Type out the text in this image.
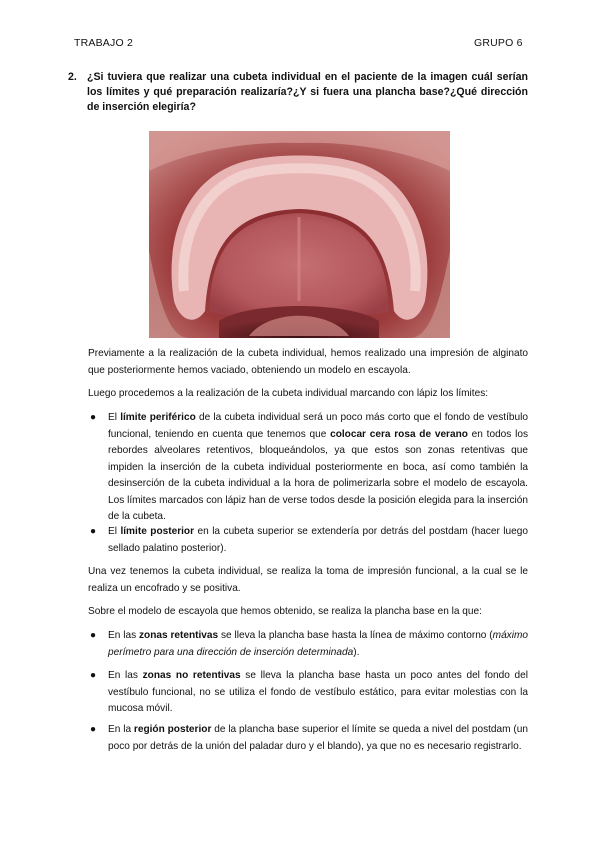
TRABAJO 2	GRUPO 6
2. ¿Si tuviera que realizar una cubeta individual en el paciente de la imagen cuál serían los límites y qué preparación realizaría?¿Y si fuera una plancha base?¿Qué dirección de inserción elegiría?

Previamente a la realización de la cubeta individual, hemos realizado una impresión de alginato que posteriormente hemos vaciado, obteniendo un modelo en escayola.

Luego procedemos a la realización de la cubeta individual marcando con lápiz los límites:

● El límite periférico de la cubeta individual será un poco más corto que el fondo de vestíbulo funcional, teniendo en cuenta que tenemos que colocar cera rosa de verano en todos los rebordes alveolares retentivos, bloqueándolos, ya que estos son zonas retentivas que impiden la inserción de la cubeta individual posteriormente en boca, así como también la desinserción de la cubeta individual a la hora de polimerizarla sobre el modelo de escayola. Los límites marcados con lápiz han de verse todos desde la posición elegida para la inserción de la cubeta.
● El límite posterior en la cubeta superior se extendería por detrás del postdam (hacer luego sellado palatino posterior).

Una vez tenemos la cubeta individual, se realiza la toma de impresión funcional, a la cual se le realiza un encofrado y se positiva.

Sobre el modelo de escayola que hemos obtenido, se realiza la plancha base en la que:

● En las zonas retentivas se lleva la plancha base hasta la línea de máximo contorno (máximo perímetro para una dirección de inserción determinada).
● En las zonas no retentivas se lleva la plancha base hasta un poco antes del fondo del vestíbulo funcional, no se utiliza el fondo de vestíbulo estático, para evitar molestias con la mucosa móvil.
● En la región posterior de la plancha base superior el límite se queda a nivel del postdam (un poco por detrás de la unión del paladar duro y el blando), ya que no es necesario registrarlo.
